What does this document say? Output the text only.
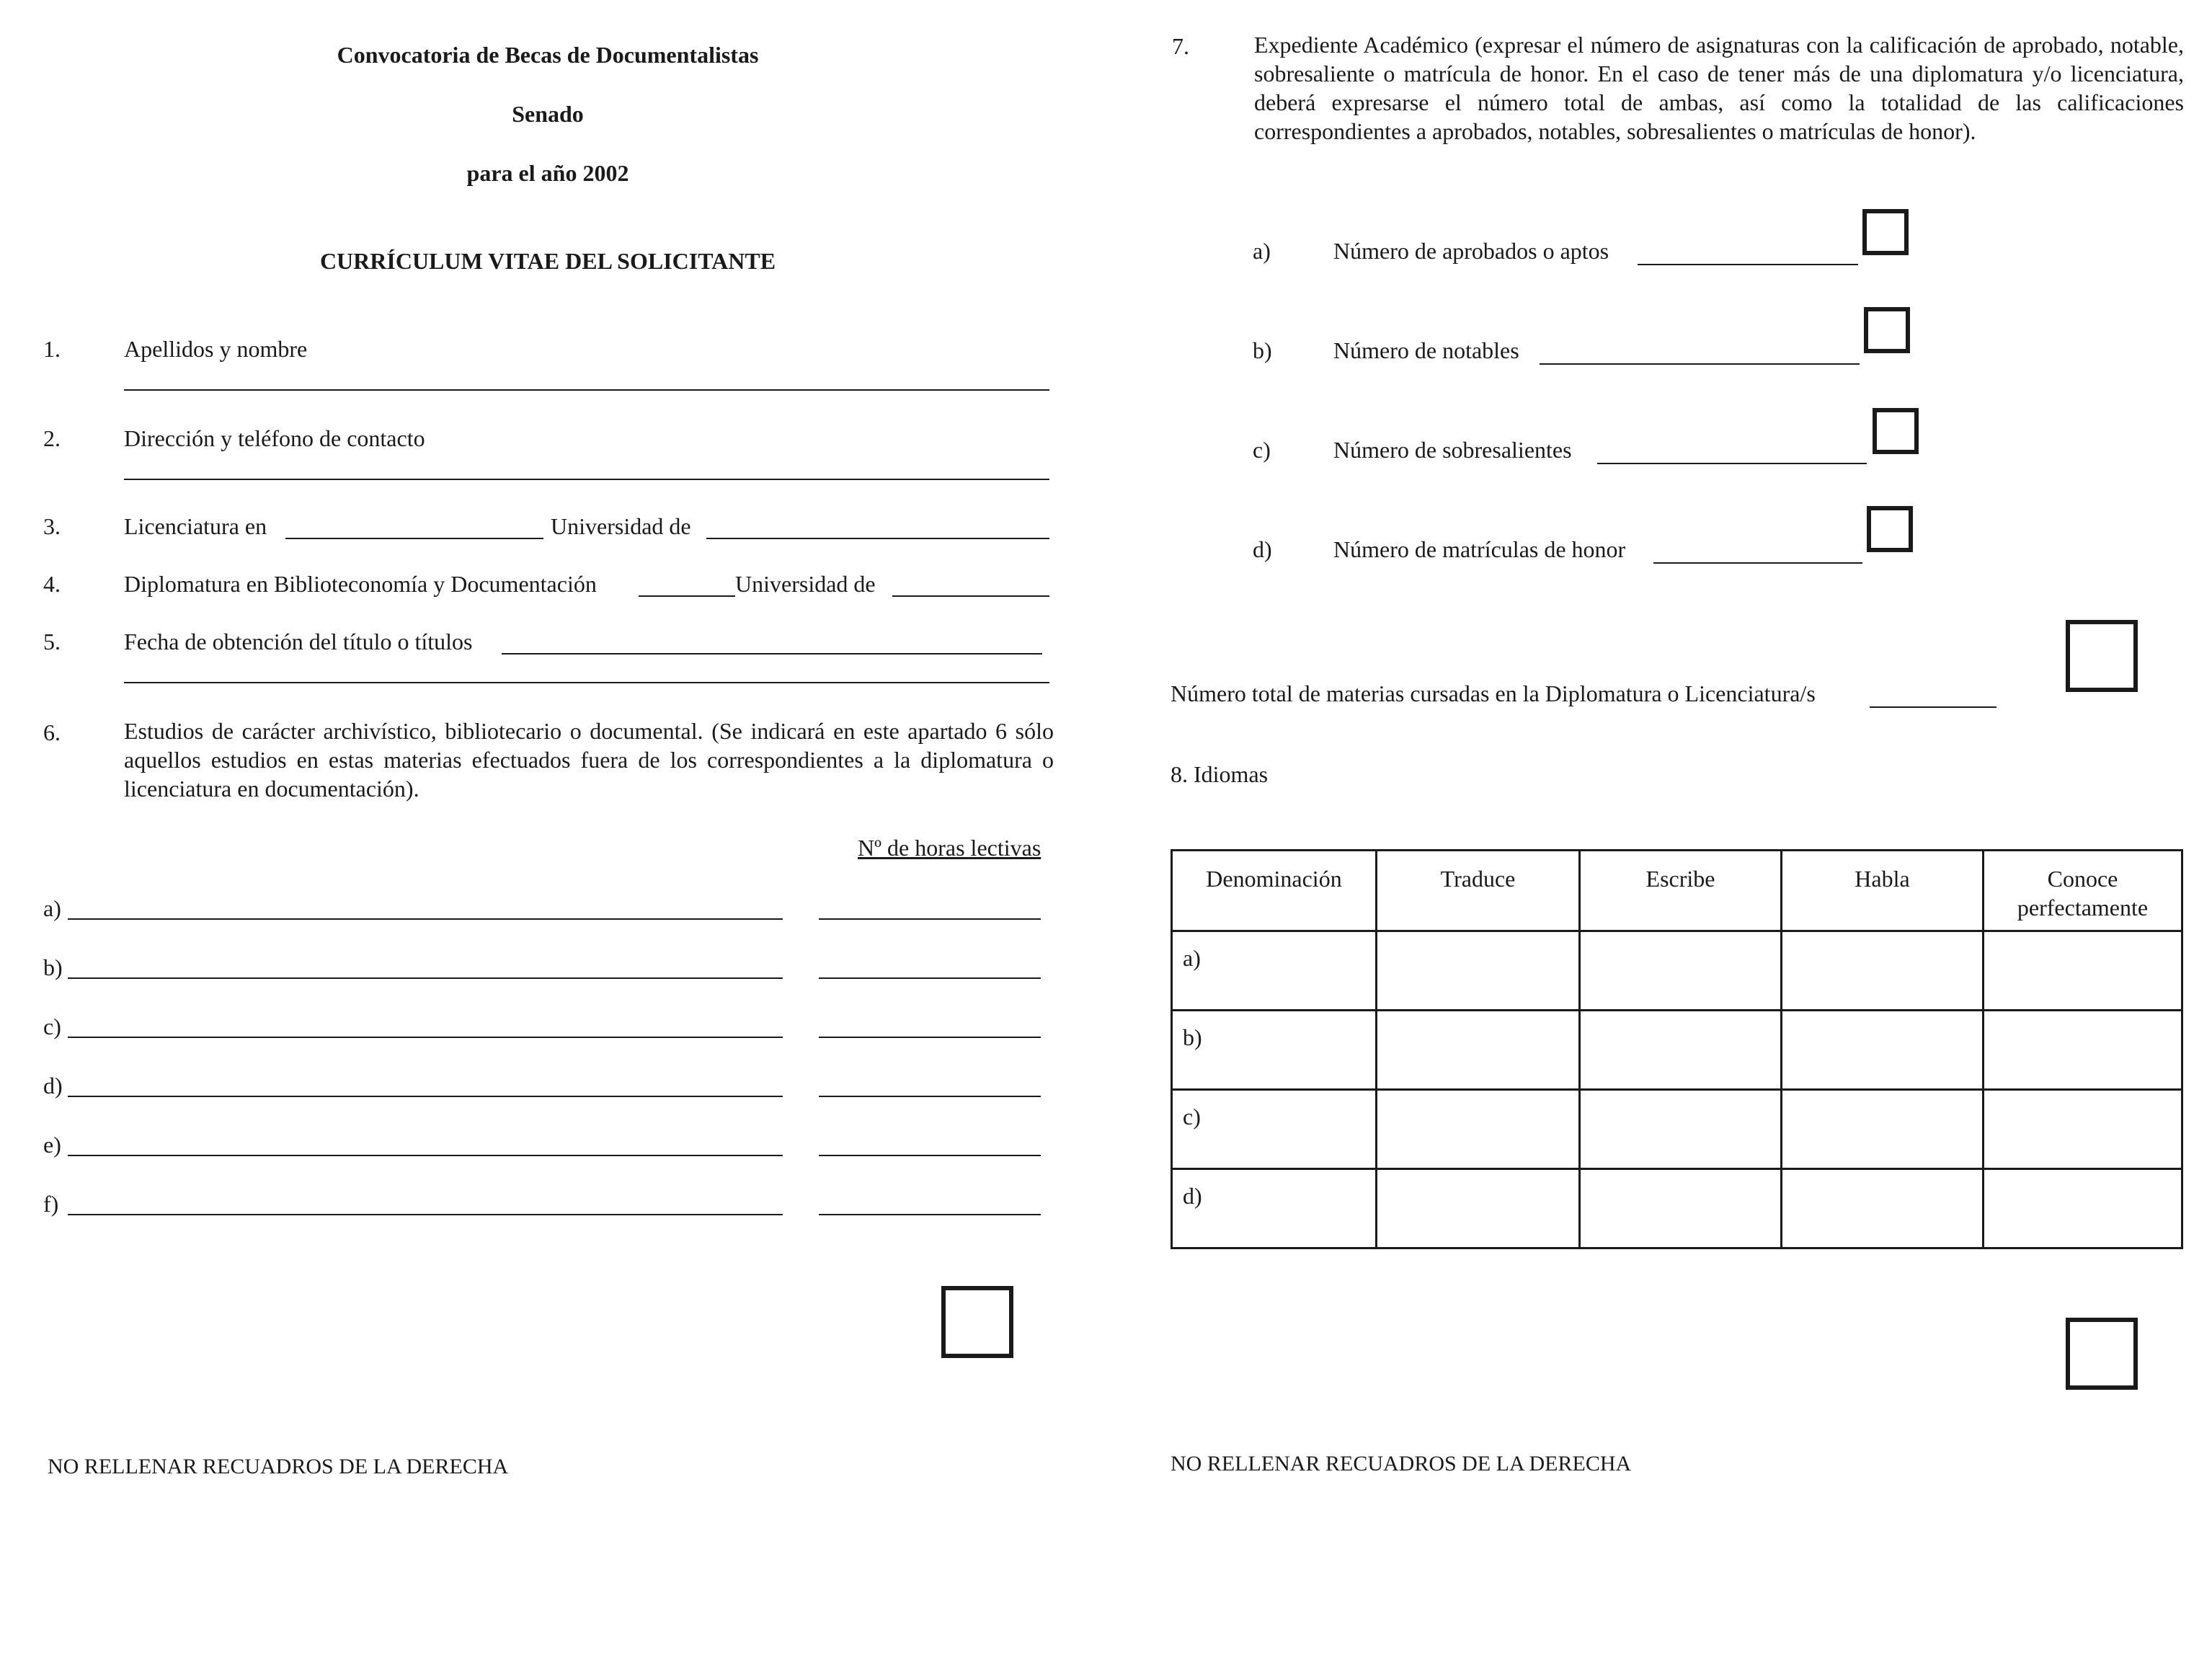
Convocatoria de Becas de Documentalistas
Senado
para el año 2002
CURRÍCULUM VITAE DEL SOLICITANTE
1.	Apellidos y nombre
2.	Dirección y teléfono de contacto
3.	Licenciatura en	Universidad de
4.	Diplomatura en Biblioteconomía y Documentación	Universidad de
5.	Fecha de obtención del título o títulos
6.	Estudios de carácter archivístico, bibliotecario o documental. (Se indicará en este apartado 6 sólo aquellos estudios en estas materias efectuados fuera de los correspondientes a la diplomatura o licenciatura en documentación).
Nº de horas lectivas
a)
b)
c)
d)
e)
f)
NO RELLENAR RECUADROS DE LA DERECHA
7.	Expediente Académico (expresar el número de asignaturas con la calificación de aprobado, notable, sobresaliente o matrícula de honor. En el caso de tener más de una diplomatura y/o licenciatura, deberá expresarse el número total de ambas, así como la totalidad de las calificaciones correspondientes a aprobados, notables, sobresalientes o matrículas de honor).
a)	Número de aprobados o aptos
b)	Número de notables
c)	Número de sobresalientes
d)	Número de matrículas de honor
Número total de materias cursadas en la Diplomatura o Licenciatura/s
8. Idiomas
Denominación	Traduce	Escribe	Habla	Conoce perfectamente
a)				
b)				
c)				
d)				
NO RELLENAR RECUADROS DE LA DERECHA
